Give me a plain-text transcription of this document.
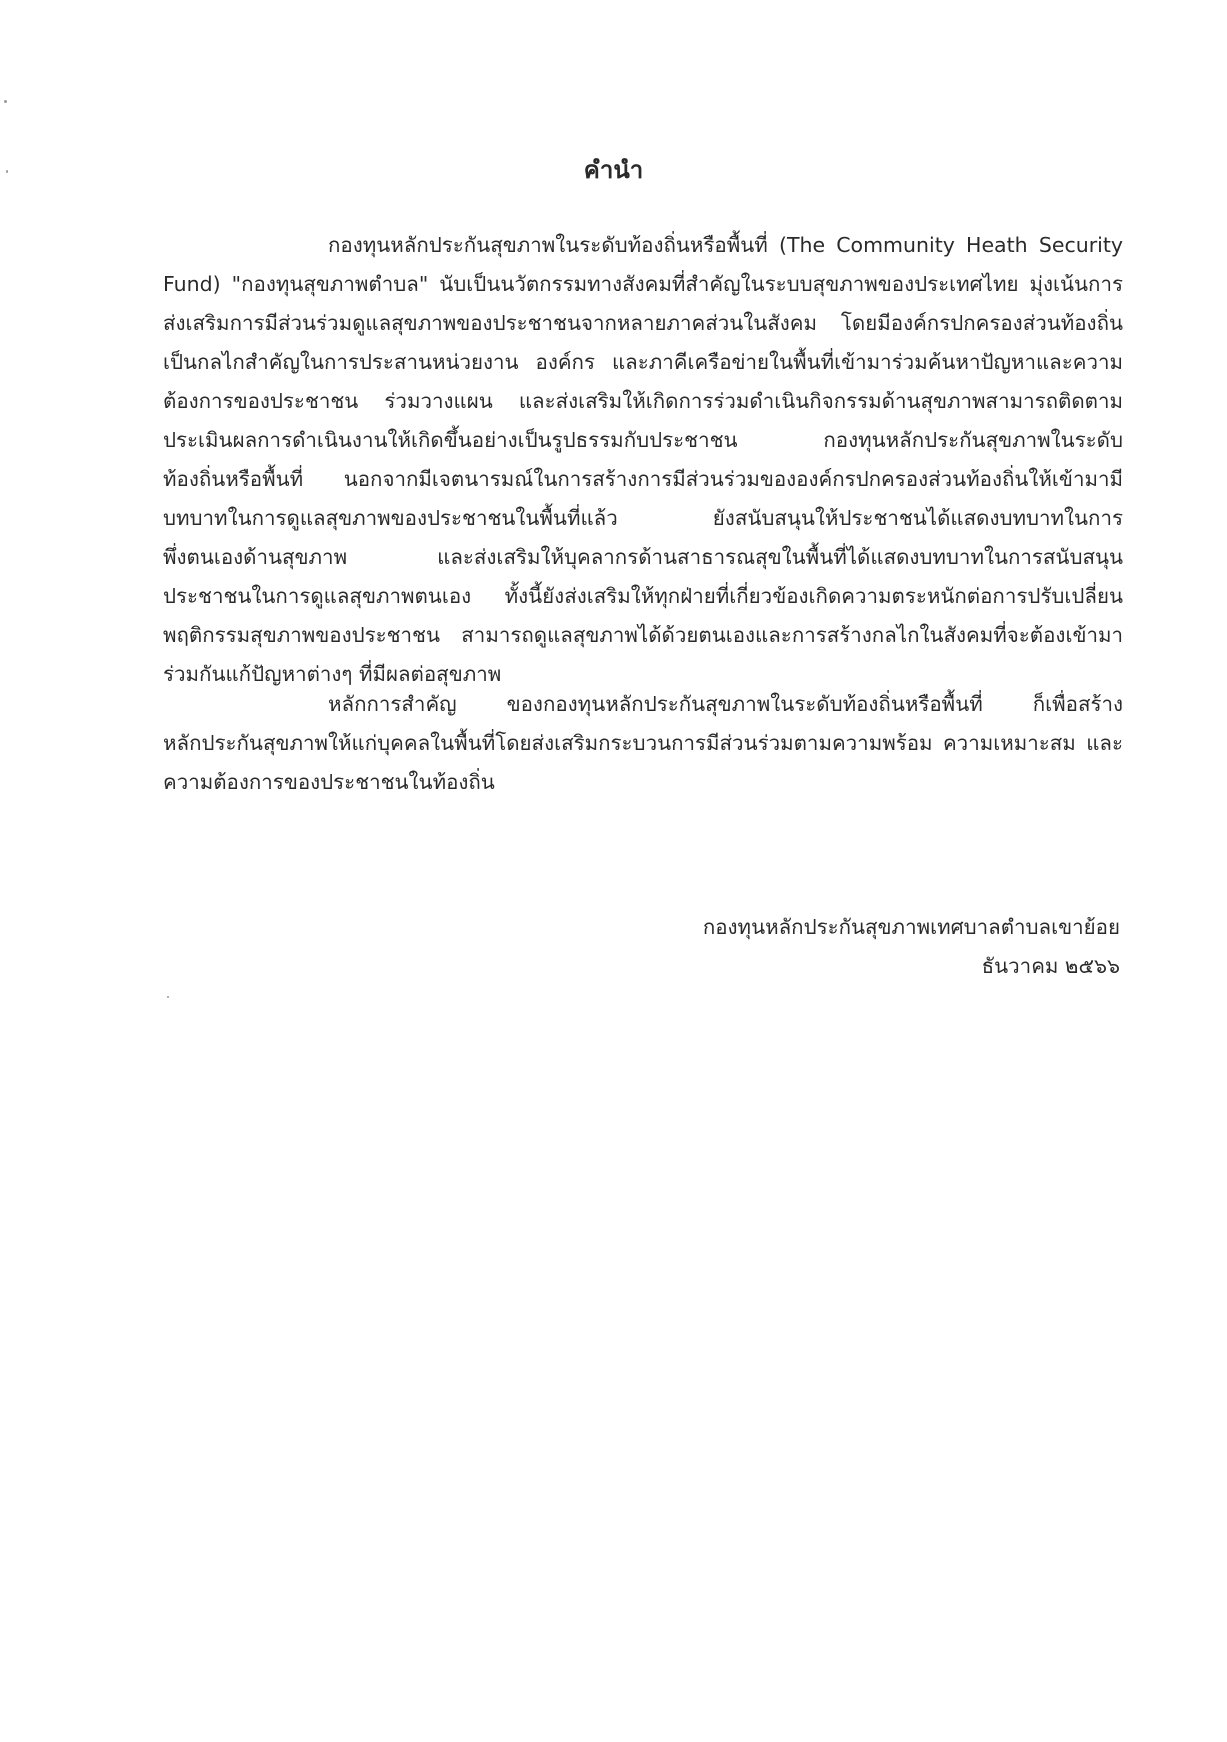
คำนำ
กองทุนหลักประกันสุขภาพในระดับท้องถิ่นหรือพื้นที่ (The Community Heath Security
Fund) "กองทุนสุขภาพตำบล" นับเป็นนวัตกรรมทางสังคมที่สำคัญในระบบสุขภาพของประเทศไทย มุ่งเน้นการ
ส่งเสริมการมีส่วนร่วมดูแลสุขภาพของประชาชนจากหลายภาคส่วนในสังคม โดยมีองค์กรปกครองส่วนท้องถิ่น
เป็นกลไกสำคัญในการประสานหน่วยงาน องค์กร และภาคีเครือข่ายในพื้นที่เข้ามาร่วมค้นหาปัญหาและความ
ต้องการของประชาชน ร่วมวางแผน และส่งเสริมให้เกิดการร่วมดำเนินกิจกรรมด้านสุขภาพสามารถติดตาม
ประเมินผลการดำเนินงานให้เกิดขึ้นอย่างเป็นรูปธรรมกับประชาชน กองทุนหลักประกันสุขภาพในระดับ
ท้องถิ่นหรือพื้นที่ นอกจากมีเจตนารมณ์ในการสร้างการมีส่วนร่วมขององค์กรปกครองส่วนท้องถิ่นให้เข้ามามี
บทบาทในการดูแลสุขภาพของประชาชนในพื้นที่แล้ว ยังสนับสนุนให้ประชาชนได้แสดงบทบาทในการ
พึ่งตนเองด้านสุขภาพ และส่งเสริมให้บุคลากรด้านสาธารณสุขในพื้นที่ได้แสดงบทบาทในการสนับสนุน
ประชาชนในการดูแลสุขภาพตนเอง ทั้งนี้ยังส่งเสริมให้ทุกฝ่ายที่เกี่ยวข้องเกิดความตระหนักต่อการปรับเปลี่ยน
พฤติกรรมสุขภาพของประชาชน สามารถดูแลสุขภาพได้ด้วยตนเองและการสร้างกลไกในสังคมที่จะต้องเข้ามา
ร่วมกันแก้ปัญหาต่างๆ ที่มีผลต่อสุขภาพ
หลักการสำคัญ ของกองทุนหลักประกันสุขภาพในระดับท้องถิ่นหรือพื้นที่ ก็เพื่อสร้าง
หลักประกันสุขภาพให้แก่บุคคลในพื้นที่โดยส่งเสริมกระบวนการมีส่วนร่วมตามความพร้อม ความเหมาะสม และ
ความต้องการของประชาชนในท้องถิ่น
กองทุนหลักประกันสุขภาพเทศบาลตำบลเขาย้อย
ธันวาคม ๒๕๖๖
